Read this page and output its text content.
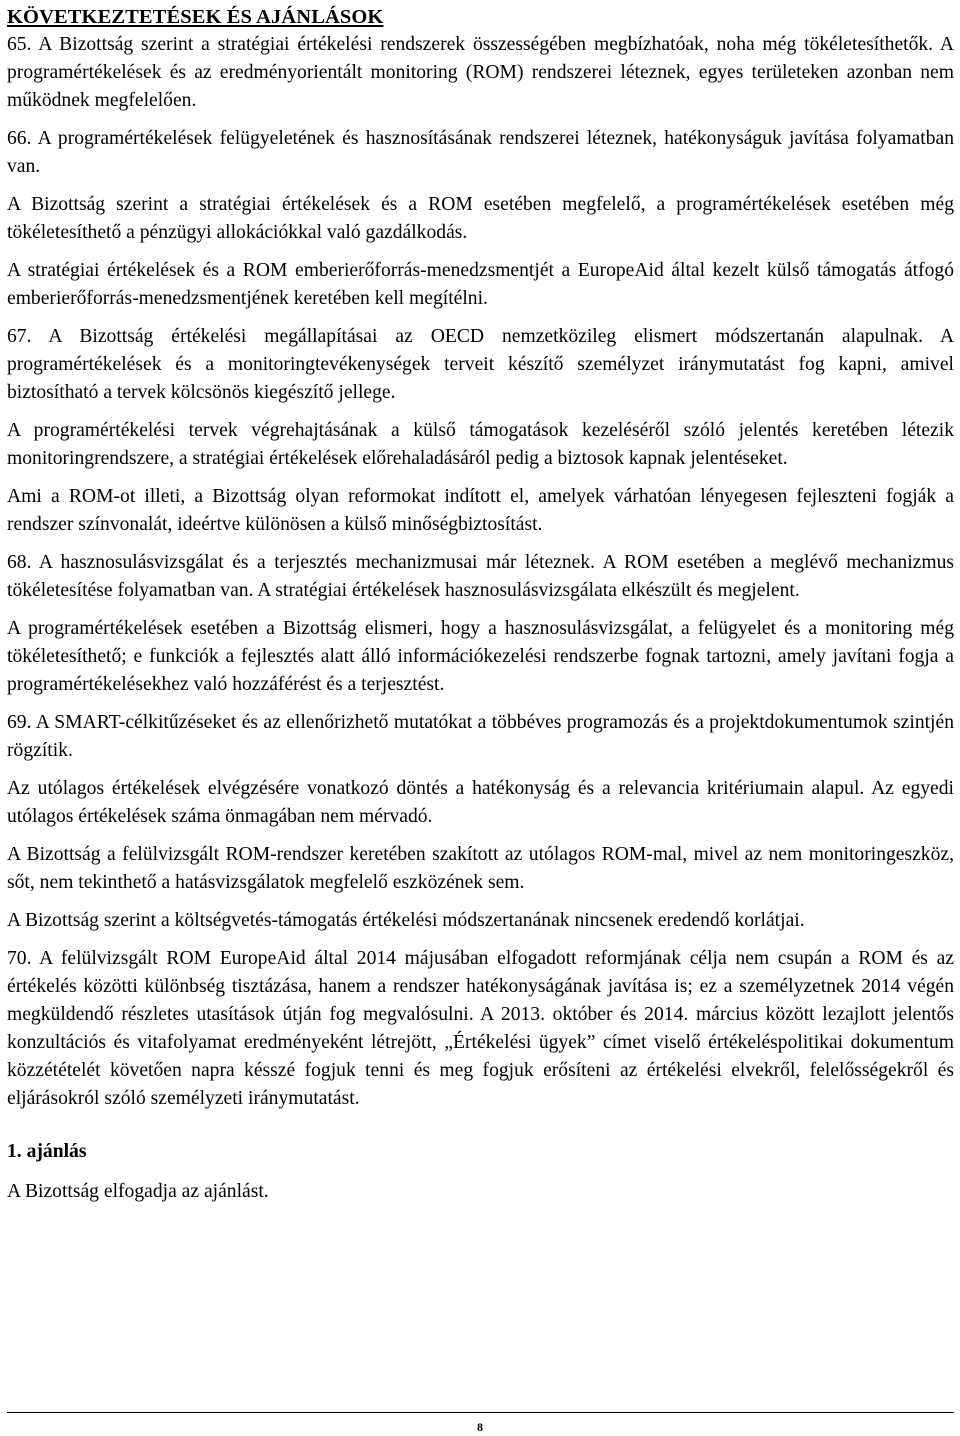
KÖVETKEZTETÉSEK ÉS AJÁNLÁSOK

65. A Bizottság szerint a stratégiai értékelési rendszerek összességében megbízhatóak, noha még tökéletesíthetők. A programértékelések és az eredményorientált monitoring (ROM) rendszerei léteznek, egyes területeken azonban nem működnek megfelelően.

66. A programértékelések felügyeletének és hasznosításának rendszerei léteznek, hatékonyságuk javítása folyamatban van.

A Bizottság szerint a stratégiai értékelések és a ROM esetében megfelelő, a programértékelések esetében még tökéletesíthető a pénzügyi allokációkkal való gazdálkodás.

A stratégiai értékelések és a ROM emberierőforrás-menedzsmentjét a EuropeAid által kezelt külső támogatás átfogó emberierőforrás-menedzsmentjének keretében kell megítélni.

67. A Bizottság értékelési megállapításai az OECD nemzetközileg elismert módszertanán alapulnak. A programértékelések és a monitoringtevékenységek terveit készítő személyzet iránymutatást fog kapni, amivel biztosítható a tervek kölcsönös kiegészítő jellege.

A programértékelési tervek végrehajtásának a külső támogatások kezeléséről szóló jelentés keretében létezik monitoringrendszere, a stratégiai értékelések előrehaladásáról pedig a biztosok kapnak jelentéseket.

Ami a ROM-ot illeti, a Bizottság olyan reformokat indított el, amelyek várhatóan lényegesen fejleszteni fogják a rendszer színvonalát, ideértve különösen a külső minőségbiztosítást.

68. A hasznosulásvizsgálat és a terjesztés mechanizmusai már léteznek. A ROM esetében a meglévő mechanizmus tökéletesítése folyamatban van. A stratégiai értékelések hasznosulásvizsgálata elkészült és megjelent.

A programértékelések esetében a Bizottság elismeri, hogy a hasznosulásvizsgálat, a felügyelet és a monitoring még tökéletesíthető; e funkciók a fejlesztés alatt álló információkezelési rendszerbe fognak tartozni, amely javítani fogja a programértékelésekhez való hozzáférést és a terjesztést.

69. A SMART-célkitűzéseket és az ellenőrizhető mutatókat a többéves programozás és a projektdokumentumok szintjén rögzítik.

Az utólagos értékelések elvégzésére vonatkozó döntés a hatékonyság és a relevancia kritériumain alapul. Az egyedi utólagos értékelések száma önmagában nem mérvadó.

A Bizottság a felülvizsgált ROM-rendszer keretében szakított az utólagos ROM-mal, mivel az nem monitoringeszköz, sőt, nem tekinthető a hatásvizsgálatok megfelelő eszközének sem.

A Bizottság szerint a költségvetés-támogatás értékelési módszertanának nincsenek eredendő korlátjai.

70. A felülvizsgált ROM EuropeAid által 2014 májusában elfogadott reformjának célja nem csupán a ROM és az értékelés közötti különbség tisztázása, hanem a rendszer hatékonyságának javítása is; ez a személyzetnek 2014 végén megküldendő részletes utasítások útján fog megvalósulni. A 2013. október és 2014. március között lezajlott jelentős konzultációs és vitafolyamat eredményeként létrejött, „Értékelési ügyek” címet viselő értékeléspolitikai dokumentum közzétételét követően napra késszé fogjuk tenni és meg fogjuk erősíteni az értékelési elvekről, felelősségekről és eljárásokról szóló személyzeti iránymutatást.

1. ajánlás

A Bizottság elfogadja az ajánlást.

8
